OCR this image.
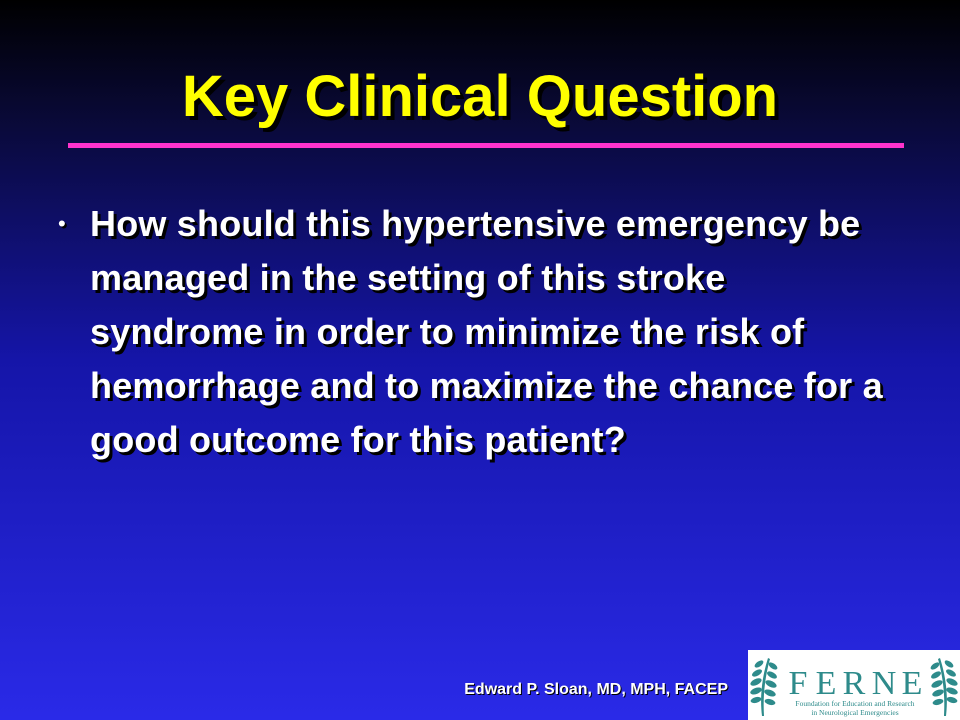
Key Clinical Question
• How should this hypertensive emergency be managed in the setting of this stroke syndrome in order to minimize the risk of hemorrhage and to maximize the chance for a good outcome for this patient?
Edward P. Sloan, MD, MPH, FACEP F E R N E
Foundation for Education and Research
in Neurological Emergencies
